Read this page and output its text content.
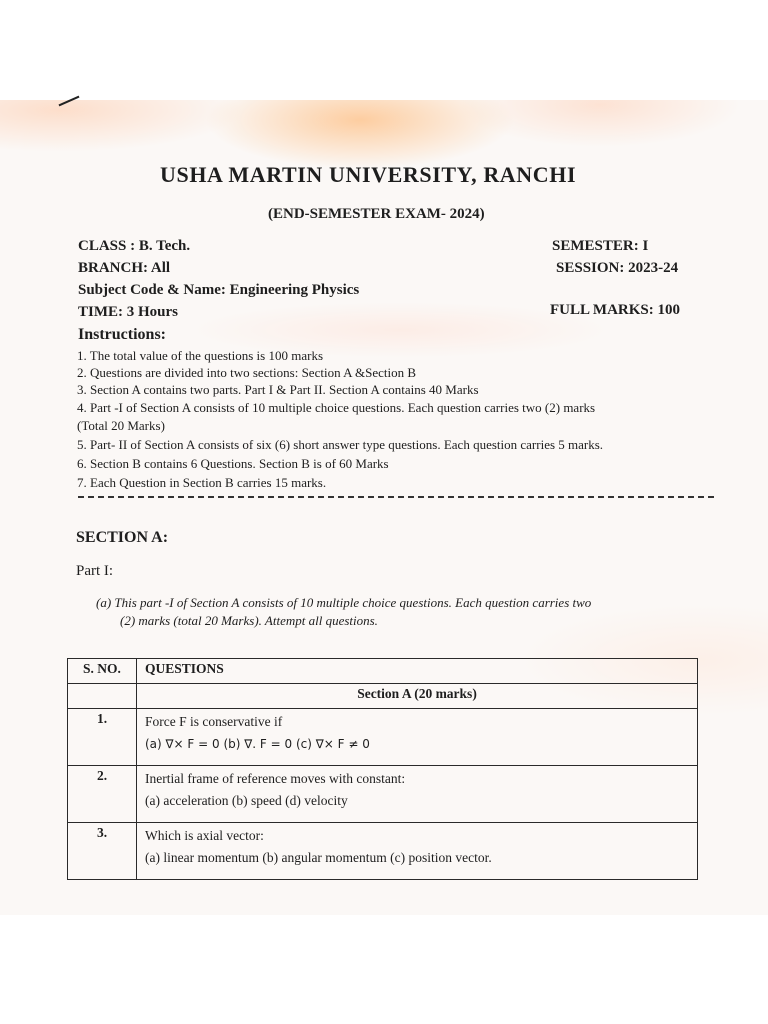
USHA MARTIN UNIVERSITY, RANCHI
(END-SEMESTER EXAM- 2024)
CLASS : B. Tech.
BRANCH: All
Subject Code & Name: Engineering Physics
TIME: 3 Hours
SEMESTER: I
SESSION: 2023-24
FULL MARKS: 100
Instructions:
1. The total value of the questions is 100 marks
2. Questions are divided into two sections: Section A &Section B
3. Section A contains two parts. Part I & Part II. Section A contains 40 Marks
4. Part -I of Section A consists of 10 multiple choice questions. Each question carries two (2) marks
(Total 20 Marks)
5. Part- II of Section A consists of six (6) short answer type questions. Each question carries 5 marks.
6. Section B contains 6 Questions. Section B is of 60 Marks
7. Each Question in Section B carries 15 marks.
SECTION A:
Part I:
(a) This part -I of Section A consists of 10 multiple choice questions. Each question carries two
(2) marks (total 20 Marks). Attempt all questions.
S. NO.	QUESTIONS
	Section A (20 marks)
1.	Force F is conservative if
(a) ∇× F = 0 (b) ∇. F = 0 (c) ∇× F ≠ 0

2.	Inertial frame of reference moves with constant:
(a) acceleration (b) speed (d) velocity

3.	Which is axial vector:
(a) linear momentum (b) angular momentum (c) position vector.
